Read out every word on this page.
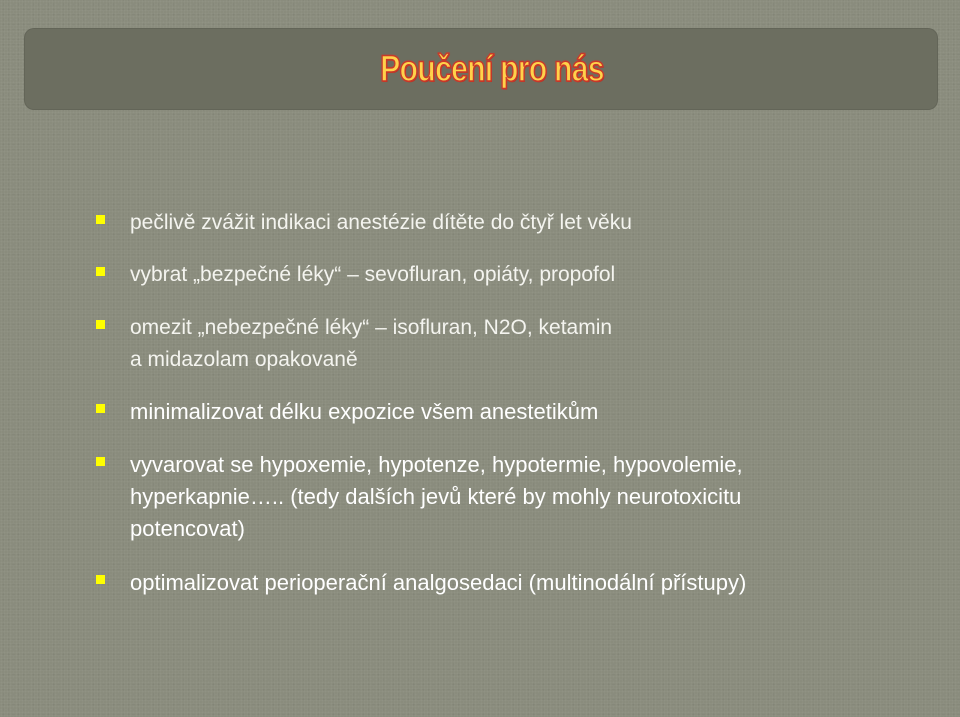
Poučení pro nás
pečlivě zvážit indikaci anestézie dítěte do čtyř let věku
vybrat „bezpečné léky“ – sevofluran, opiáty, propofol
omezit „nebezpečné léky“ – isofluran, N2O, ketamin
a midazolam opakovaně
minimalizovat délku expozice všem anestetikům
vyvarovat se hypoxemie, hypotenze, hypotermie, hypovolemie,
hyperkapnie….. (tedy dalších jevů které by mohly neurotoxicitu
potencovat)
optimalizovat perioperační analgosedaci (multinodální přístupy)
